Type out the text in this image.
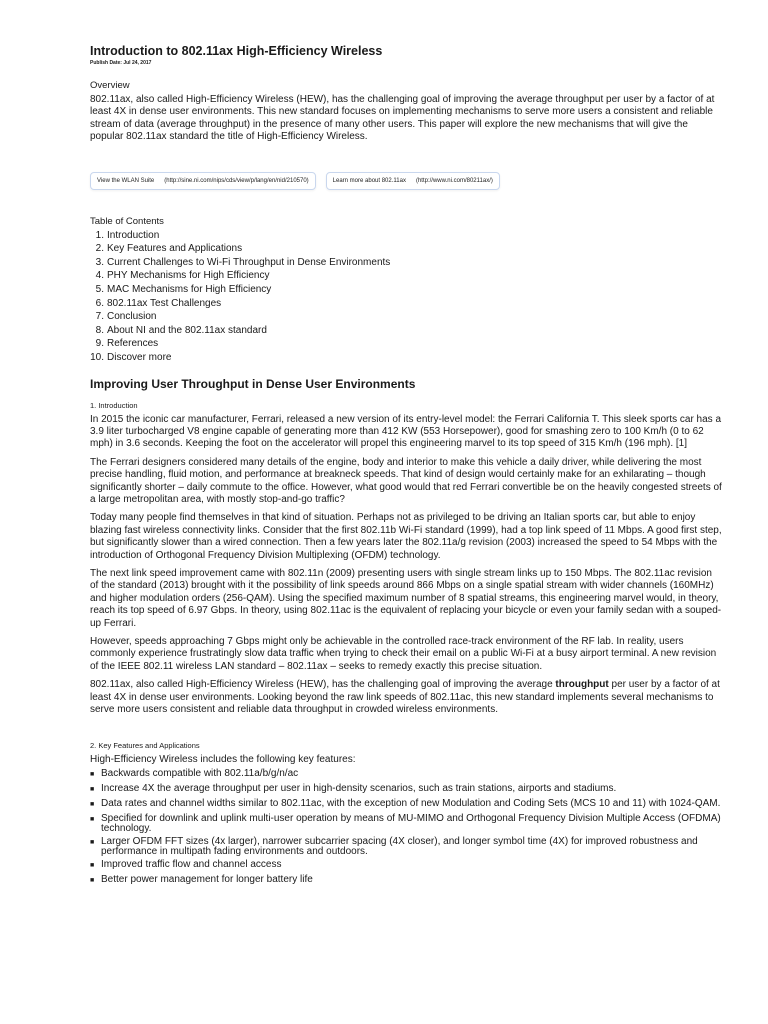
Introduction to 802.11ax High-Efficiency Wireless
Publish Date: Jul 24, 2017
Overview

802.11ax, also called High-Efficiency Wireless (HEW), has the challenging goal of improving the average throughput per user by a factor of at least 4X in dense user environments. This new standard focuses on implementing mechanisms to serve more users a consistent and reliable stream of data (average throughput) in the presence of many other users. This paper will explore the new mechanisms that will give the popular 802.11ax standard the title of High-Efficiency Wireless.

View the WLAN Suite (http://sine.ni.com/nips/cds/view/p/lang/en/nid/210570)	Learn more about 802.11ax (http://www.ni.com/80211ax/)
Table of Contents
1. Introduction
2. Key Features and Applications
3. Current Challenges to Wi-Fi Throughput in Dense Environments
4. PHY Mechanisms for High Efficiency
5. MAC Mechanisms for High Efficiency
6. 802.11ax Test Challenges
7. Conclusion
8. About NI and the 802.11ax standard
9. References
10. Discover more
Improving User Throughput in Dense User Environments
1. Introduction

In 2015 the iconic car manufacturer, Ferrari, released a new version of its entry-level model: the Ferrari California T. This sleek sports car has a 3.9 liter turbocharged V8 engine capable of generating more than 412 KW (553 Horsepower), good for smashing zero to 100 Km/h (0 to 62 mph) in 3.6 seconds. Keeping the foot on the accelerator will propel this engineering marvel to its top speed of 315 Km/h (196 mph). [1]

The Ferrari designers considered many details of the engine, body and interior to make this vehicle a daily driver, while delivering the most precise handling, fluid motion, and performance at breakneck speeds. That kind of design would certainly make for an exhilarating – though significantly shorter – daily commute to the office. However, what good would that red Ferrari convertible be on the heavily congested streets of a large metropolitan area, with mostly stop-and-go traffic?

Today many people find themselves in that kind of situation. Perhaps not as privileged to be driving an Italian sports car, but able to enjoy blazing fast wireless connectivity links. Consider that the first 802.11b Wi-Fi standard (1999), had a top link speed of 11 Mbps. A good first step, but significantly slower than a wired connection. Then a few years later the 802.11a/g revision (2003) increased the speed to 54 Mbps with the introduction of Orthogonal Frequency Division Multiplexing (OFDM) technology.

The next link speed improvement came with 802.11n (2009) presenting users with single stream links up to 150 Mbps. The 802.11ac revision of the standard (2013) brought with it the possibility of link speeds around 866 Mbps on a single spatial stream with wider channels (160MHz) and higher modulation orders (256-QAM). Using the specified maximum number of 8 spatial streams, this engineering marvel would, in theory, reach its top speed of 6.97 Gbps. In theory, using 802.11ac is the equivalent of replacing your bicycle or even your family sedan with a souped-up Ferrari.

However, speeds approaching 7 Gbps might only be achievable in the controlled race-track environment of the RF lab. In reality, users commonly experience frustratingly slow data traffic when trying to check their email on a public Wi-Fi at a busy airport terminal. A new revision of the IEEE 802.11 wireless LAN standard – 802.11ax – seeks to remedy exactly this precise situation.

802.11ax, also called High-Efficiency Wireless (HEW), has the challenging goal of improving the average throughput per user by a factor of at least 4X in dense user environments. Looking beyond the raw link speeds of 802.11ac, this new standard implements several mechanisms to serve more users consistent and reliable data throughput in crowded wireless environments.

2. Key Features and Applications

High-Efficiency Wireless includes the following key features:

■ Backwards compatible with 802.11a/b/g/n/ac
■ Increase 4X the average throughput per user in high-density scenarios, such as train stations, airports and stadiums.
■ Data rates and channel widths similar to 802.11ac, with the exception of new Modulation and Coding Sets (MCS 10 and 11) with 1024-QAM.
■ Specified for downlink and uplink multi-user operation by means of MU-MIMO and Orthogonal Frequency Division Multiple Access (OFDMA) technology.
■ Larger OFDM FFT sizes (4x larger), narrower subcarrier spacing (4X closer), and longer symbol time (4X) for improved robustness and performance in multipath fading environments and outdoors.
■ Improved traffic flow and channel access
■ Better power management for longer battery life
